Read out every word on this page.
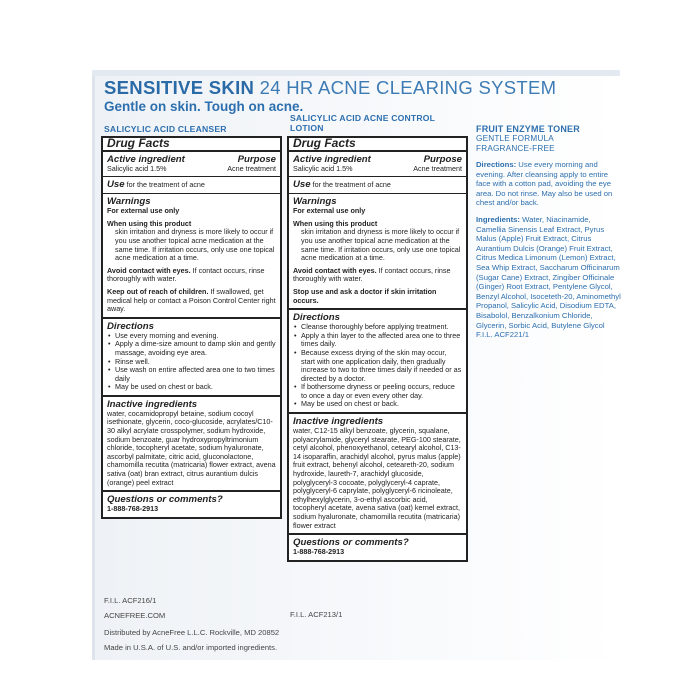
SENSITIVE SKIN 24 HR ACNE CLEARING SYSTEM
Gentle on skin. Tough on acne.
SALICYLIC ACID CLEANSER
Drug Facts
Active ingredient	Purpose
Salicylic acid 1.5%	Acne treatment
Use for the treatment of acne
Warnings
For external use only
When using this product
skin irritation and dryness is more likely to occur if you use another topical acne medication at the same time. If irritation occurs, only use one topical acne medication at a time.
Avoid contact with eyes. If contact occurs, rinse thoroughly with water.
Keep out of reach of children. If swallowed, get medical help or contact a Poison Control Center right away.
Directions
• Use every morning and evening.
• Apply a dime-size amount to damp skin and gently massage, avoiding eye area.
• Rinse well.
• Use wash on entire affected area one to two times daily
• May be used on chest or back.
Inactive ingredients
water, cocamidopropyl betaine, sodium cocoyl isethionate, glycerin, coco-glucoside, acrylates/C10-30 alkyl acrylate crosspolymer, sodium hydroxide, sodium benzoate, guar hydroxypropyltrimonium chloride, tocopheryl acetate, sodium hyaluronate, ascorbyl palmitate, citric acid, gluconolactone, chamomilla recutita (matricaria) flower extract, avena sativa (oat) bran extract, citrus aurantium dulcis (orange) peel extract
Questions or comments?
1-888-768-2913
F.I.L. ACF216/1
ACNEFREE.COM
Distributed by AcneFree L.L.C. Rockville, MD 20852
Made in U.S.A. of U.S. and/or imported ingredients.
SALICYLIC ACID ACNE CONTROL LOTION
Drug Facts
Active ingredient	Purpose
Salicylic acid 1.5%	Acne treatment
Use for the treatment of acne
Warnings
For external use only
When using this product
skin irritation and dryness is more likely to occur if you use another topical acne medication at the same time. If irritation occurs, only use one topical acne medication at a time.
Avoid contact with eyes. If contact occurs, rinse thoroughly with water.
Stop use and ask a doctor if skin irritation occurs.
Directions
• Cleanse thoroughly before applying treatment.
• Apply a thin layer to the affected area one to three times daily.
• Because excess drying of the skin may occur, start with one application daily, then gradually increase to two to three times daily if needed or as directed by a doctor.
• If bothersome dryness or peeling occurs, reduce to once a day or even every other day.
• May be used on chest or back.
Inactive ingredients
water, C12-15 alkyl benzoate, glycerin, squalane, polyacrylamide, glyceryl stearate, PEG-100 stearate, cetyl alcohol, phenoxyethanol, cetearyl alcohol, C13-14 isoparaffin, arachidyl alcohol, pyrus malus (apple) fruit extract, behenyl alcohol, ceteareth-20, sodium hydroxide, laureth-7, arachidyl glucoside, polyglyceryl-3 cocoate, polyglyceryl-4 caprate, polyglyceryl-6 caprylate, polyglyceryl-6 ricinoleate, ethylhexylglycerin, 3-o-ethyl ascorbic acid, tocopheryl acetate, avena sativa (oat) kernel extract, sodium hyaluronate, chamomilla recutita (matricaria) flower extract
Questions or comments?
1-888-768-2913
F.I.L. ACF213/1
FRUIT ENZYME TONER
GENTLE FORMULA
FRAGRANCE-FREE

Directions: Use every morning and evening. After cleansing apply to entire face with a cotton pad, avoiding the eye area. Do not rinse. May also be used on chest and/or back.

Ingredients: Water, Niacinamide, Camellia Sinensis Leaf Extract, Pyrus Malus (Apple) Fruit Extract, Citrus Aurantium Dulcis (Orange) Fruit Extract, Citrus Medica Limonum (Lemon) Extract, Sea Whip Extract, Saccharum Officinarum (Sugar Cane) Extract, Zingiber Officinale (Ginger) Root Extract, Pentylene Glycol, Benzyl Alcohol, Isoceteth-20, Aminomethyl Propanol, Salicylic Acid, Disodium EDTA, Bisabolol, Benzalkonium Chloride, Glycerin, Sorbic Acid, Butylene Glycol

F.I.L. ACF221/1
